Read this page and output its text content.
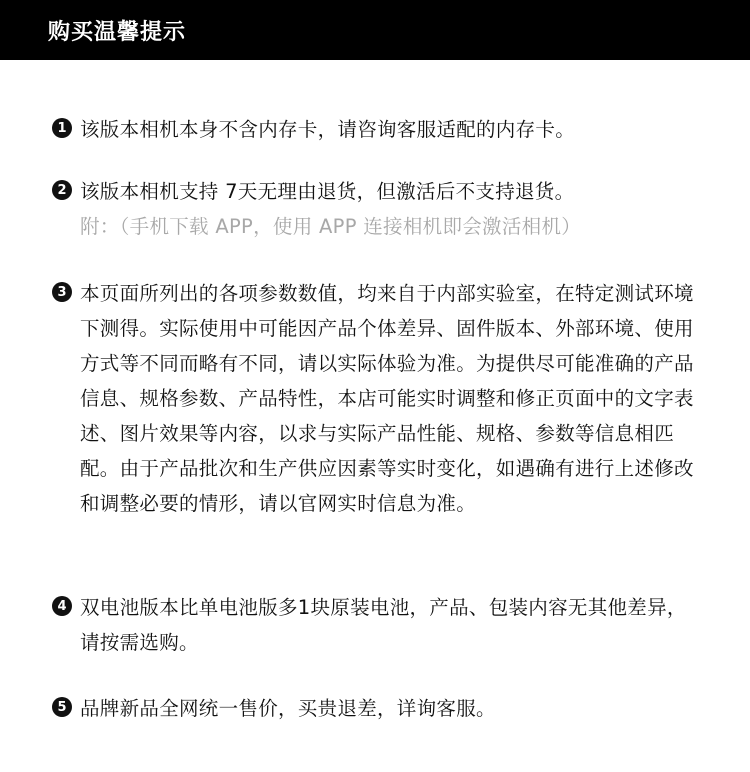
购买温馨提示
1 该版本相机本身不含内存卡，请咨询客服适配的内存卡。
2 该版本相机支持 7天无理由退货，但激活后不支持退货。
附：（手机下载 APP，使用 APP 连接相机即会激活相机）
3 本页面所列出的各项参数数值，均来自于内部实验室，在特定测试环境下测得。实际使用中可能因产品个体差异、固件版本、外部环境、使用方式等不同而略有不同，请以实际体验为准。为提供尽可能准确的产品信息、规格参数、产品特性，本店可能实时调整和修正页面中的文字表述、图片效果等内容，以求与实际产品性能、规格、参数等信息相匹配。由于产品批次和生产供应因素等实时变化，如遇确有进行上述修改和调整必要的情形，请以官网实时信息为准。
4 双电池版本比单电池版多1块原装电池，产品、包装内容无其他差异，请按需选购。
5 品牌新品全网统一售价，买贵退差，详询客服。
